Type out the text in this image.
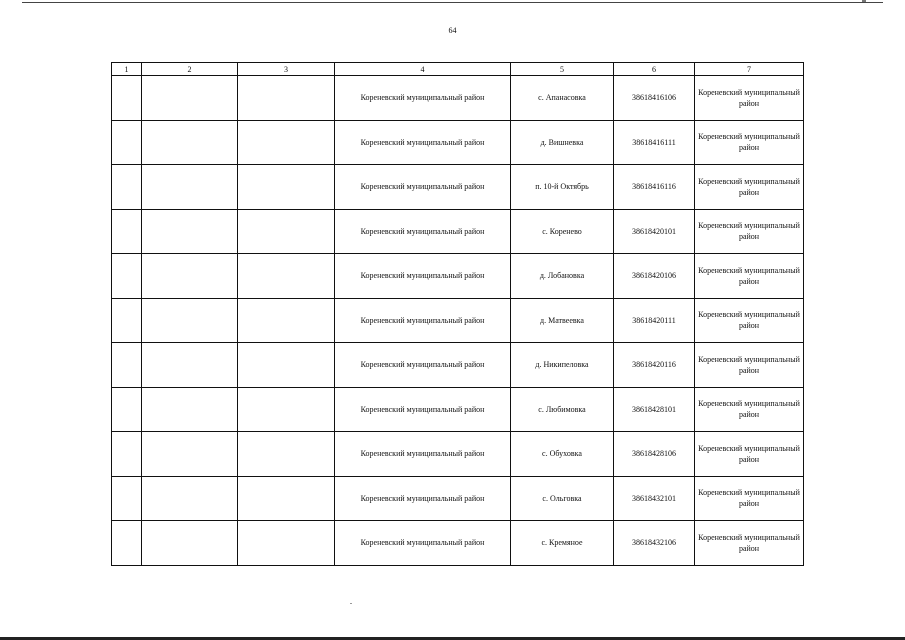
64
1	2	3	4	5	6	7
			Кореневский муниципальный район	с. Апанасовка	38618416106	Кореневский муниципальный район
			Кореневский муниципальный район	д. Вишневка	38618416111	Кореневский муниципальный район
			Кореневский муниципальный район	п. 10-й Октябрь	38618416116	Кореневский муниципальный район
			Кореневский муниципальный район	с. Коренево	38618420101	Кореневский муниципальный район
			Кореневский муниципальный район	д. Лобановка	38618420106	Кореневский муниципальный район
			Кореневский муниципальный район	д. Матвеевка	38618420111	Кореневский муниципальный район
			Кореневский муниципальный район	д. Никипеловка	38618420116	Кореневский муниципальный район
			Кореневский муниципальный район	с. Любимовка	38618428101	Кореневский муниципальный район
			Кореневский муниципальный район	с. Обуховка	38618428106	Кореневский муниципальный район
			Кореневский муниципальный район	с. Ольговка	38618432101	Кореневский муниципальный район
			Кореневский муниципальный район	с. Кремяное	38618432106	Кореневский муниципальный район
